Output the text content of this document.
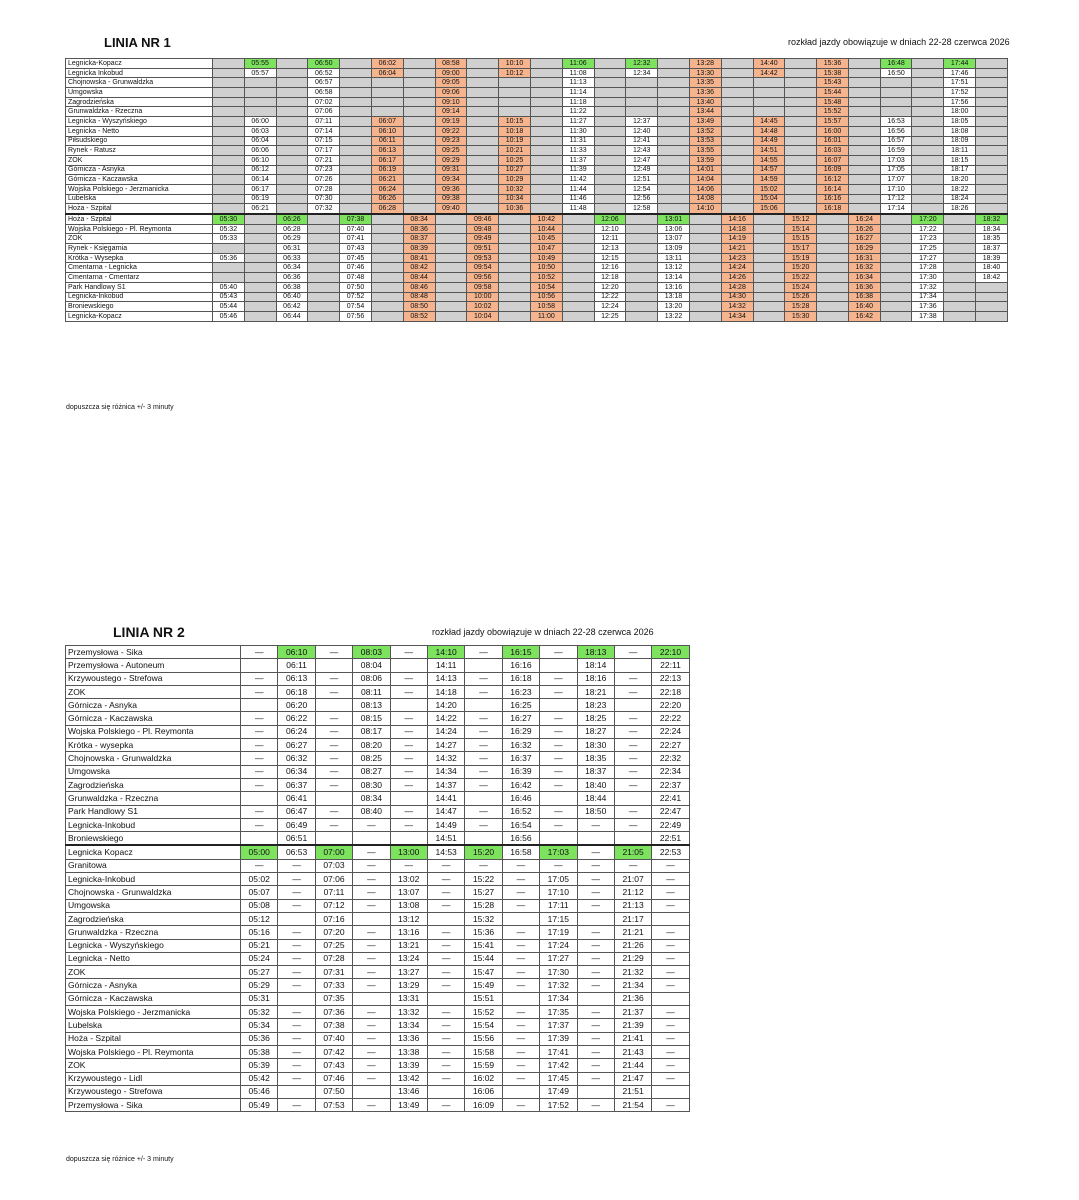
LINIA NR 1	rozkład jazdy obowiązuje w dniach 22-28 czerwca 2026
Legnicka-Kopacz		05:55		06:50		06:02		08:58		10:10		11:06		12:32		13:28		14:40		15:36		16:48		17:44	
Legnicka Inkobud		05:57		06:52		06:04		09:00		10:12		11:08		12:34		13:30		14:42		15:38		16:50		17:46	
Chojnowska - Grunwaldzka				06:57				09:05				11:13				13:35				15:43				17:51	
Umgowska				06:58				09:06				11:14				13:36				15:44				17:52	
Zagrodzieńska				07:02				09:10				11:18				13:40				15:48				17:56	
Grunwaldzka - Rzeczna				07:06				09:14				11:22				13:44				15:52				18:00	
Legnicka - Wyszyńskiego		06:00		07:11		06:07		09:19		10:15		11:27		12:37		13:49		14:45		15:57		16:53		18:05	
Legnicka - Netto		06:03		07:14		06:10		09:22		10:18		11:30		12:40		13:52		14:48		16:00		16:56		18:08	
Piłsudskiego		06:04		07:15		06:11		09:23		10:19		11:31		12:41		13:53		14:49		16:01		16:57		18:09	
Rynek - Ratusz		06:06		07:17		06:13		09:25		10:21		11:33		12:43		13:55		14:51		16:03		16:59		18:11	
ZOK		06:10		07:21		06:17		09:29		10:25		11:37		12:47		13:59		14:55		16:07		17:03		18:15	
Górnicza - Asnyka		06:12		07:23		06:19		09:31		10:27		11:39		12:49		14:01		14:57		16:09		17:05		18:17	
Górnicza - Kaczawska		06:14		07:26		06:21		09:34		10:29		11:42		12:51		14:04		14:59		16:12		17:07		18:20	
Wojska Polskiego - Jerzmanicka		06:17		07:28		06:24		09:36		10:32		11:44		12:54		14:06		15:02		16:14		17:10		18:22	
Lubelska		06:19		07:30		06:26		09:38		10:34		11:46		12:56		14:08		15:04		16:16		17:12		18:24	
Hoża - Szpital		06:21		07:32		06:28		09:40		10:36		11:48		12:58		14:10		15:06		16:18		17:14		18:26	
Hoża - Szpital	05:30		06:26		07:38		08:34		09:46		10:42		12:06		13:01		14:16		15:12		16:24		17:20		18:32
Wojska Polskiego - Pl. Reymonta	05:32		06:28		07:40		08:36		09:48		10:44		12:10		13:06		14:18		15:14		16:26		17:22		18:34
ZOK	05:33		06:29		07:41		08:37		09:49		10:45		12:11		13:07		14:19		15:15		16:27		17:23		18:35
Rynek - Księgarnia			06:31		07:43		08:39		09:51		10:47		12:13		13:09		14:21		15:17		16:29		17:25		18:37
Krótka - Wysepka	05:36		06:33		07:45		08:41		09:53		10:49		12:15		13:11		14:23		15:19		16:31		17:27		18:39
Cmentarna - Legnicka			06:34		07:46		08:42		09:54		10:50		12:16		13:12		14:24		15:20		16:32		17:28		18:40
Cmentarna - Cmentarz			06:36		07:48		08:44		09:56		10:52		12:18		13:14		14:26		15:22		16:34		17:30		18:42
Park Handlowy S1	05:40		06:38		07:50		08:46		09:58		10:54		12:20		13:16		14:28		15:24		16:36		17:32		
Legnicka-Inkobud	05:43		06:40		07:52		08:48		10:00		10:56		12:22		13:18		14:30		15:26		16:38		17:34		
Broniewskiego	05:44		06:42		07:54		08:50		10:02		10:58		12:24		13:20		14:32		15:28		16:40		17:36		
Legnicka-Kopacz	05:46		06:44		07:56		08:52		10:04		11:00		12:25		13:22		14:34		15:30		16:42		17:38		
dopuszcza się różnica +/- 3 minuty
LINIA NR 2	rozkład jazdy obowiązuje w dniach 22-28 czerwca 2026
Przemysłowa - Sika	—	06:10	—	08:03	—	14:10	—	16:15	—	18:13	—	22:10
Przemysłowa - Autoneum		06:11		08:04		14:11		16:16		18:14		22:11
Krzywoustego - Strefowa	—	06:13	—	08:06	—	14:13	—	16:18	—	18:16	—	22:13
ZOK	—	06:18	—	08:11	—	14:18	—	16:23	—	18:21	—	22:18
Górnicza - Asnyka		06:20		08:13		14:20		16:25		18:23		22:20
Górnicza - Kaczawska	—	06:22	—	08:15	—	14:22	—	16:27	—	18:25	—	22:22
Wojska Polskiego - Pl. Reymonta	—	06:24	—	08:17	—	14:24	—	16:29	—	18:27	—	22:24
Krótka - wysepka	—	06:27	—	08:20	—	14:27	—	16:32	—	18:30	—	22:27
Chojnowska - Grunwaldzka	—	06:32	—	08:25	—	14:32	—	16:37	—	18:35	—	22:32
Umgowska	—	06:34	—	08:27	—	14:34	—	16:39	—	18:37	—	22:34
Zagrodzieńska	—	06:37	—	08:30	—	14:37	—	16:42	—	18:40	—	22:37
Grunwaldzka - Rzeczna		06:41		08:34		14:41		16:46		18:44		22:41
Park Handlowy S1	—	06:47	—	08:40	—	14:47	—	16:52	—	18:50	—	22:47
Legnicka-Inkobud	—	06:49	—	—	—	14:49	—	16:54	—	—	—	22:49
Broniewskiego		06:51				14:51		16:56				22:51
Legnicka Kopacz	05:00	06:53	07:00	—	13:00	14:53	15:20	16:58	17:03	—	21:05	22:53
Granitowa	—	—	07:03	—	—	—	—	—	—	—	—	—
Legnicka-Inkobud	05:02	—	07:06	—	13:02	—	15:22	—	17:05	—	21:07	—
Chojnowska - Grunwaldzka	05:07	—	07:11	—	13:07	—	15:27	—	17:10	—	21:12	—
Umgowska	05:08	—	07:12	—	13:08	—	15:28	—	17:11	—	21:13	—
Zagrodzieńska	05:12		07:16		13:12		15:32		17:15		21:17	
Grunwaldzka - Rzeczna	05:16	—	07:20	—	13:16	—	15:36	—	17:19	—	21:21	—
Legnicka - Wyszyńskiego	05:21	—	07:25	—	13:21	—	15:41	—	17:24	—	21:26	—
Legnicka - Netto	05:24	—	07:28	—	13:24	—	15:44	—	17:27	—	21:29	—
ZOK	05:27	—	07:31	—	13:27	—	15:47	—	17:30	—	21:32	—
Górnicza - Asnyka	05:29	—	07:33	—	13:29	—	15:49	—	17:32	—	21:34	—
Górnicza - Kaczawska	05:31		07:35		13:31		15:51		17:34		21:36	
Wojska Polskiego - Jerzmanicka	05:32	—	07:36	—	13:32	—	15:52	—	17:35	—	21:37	—
Lubelska	05:34	—	07:38	—	13:34	—	15:54	—	17:37	—	21:39	—
Hoża - Szpital	05:36	—	07:40	—	13:36	—	15:56	—	17:39	—	21:41	—
Wojska Polskiego - Pl. Reymonta	05:38	—	07:42	—	13:38	—	15:58	—	17:41	—	21:43	—
ZOK	05:39	—	07:43	—	13:39	—	15:59	—	17:42	—	21:44	—
Krzywoustego - Lidl	05:42	—	07:46	—	13:42	—	16:02	—	17:45	—	21:47	—
Krzywoustego - Strefowa	05:46		07:50		13:46		16:06		17:49		21:51	
Przemysłowa - Sika	05:49	—	07:53	—	13:49	—	16:09	—	17:52	—	21:54	—
dopuszcza się różnice +/- 3 minuty
